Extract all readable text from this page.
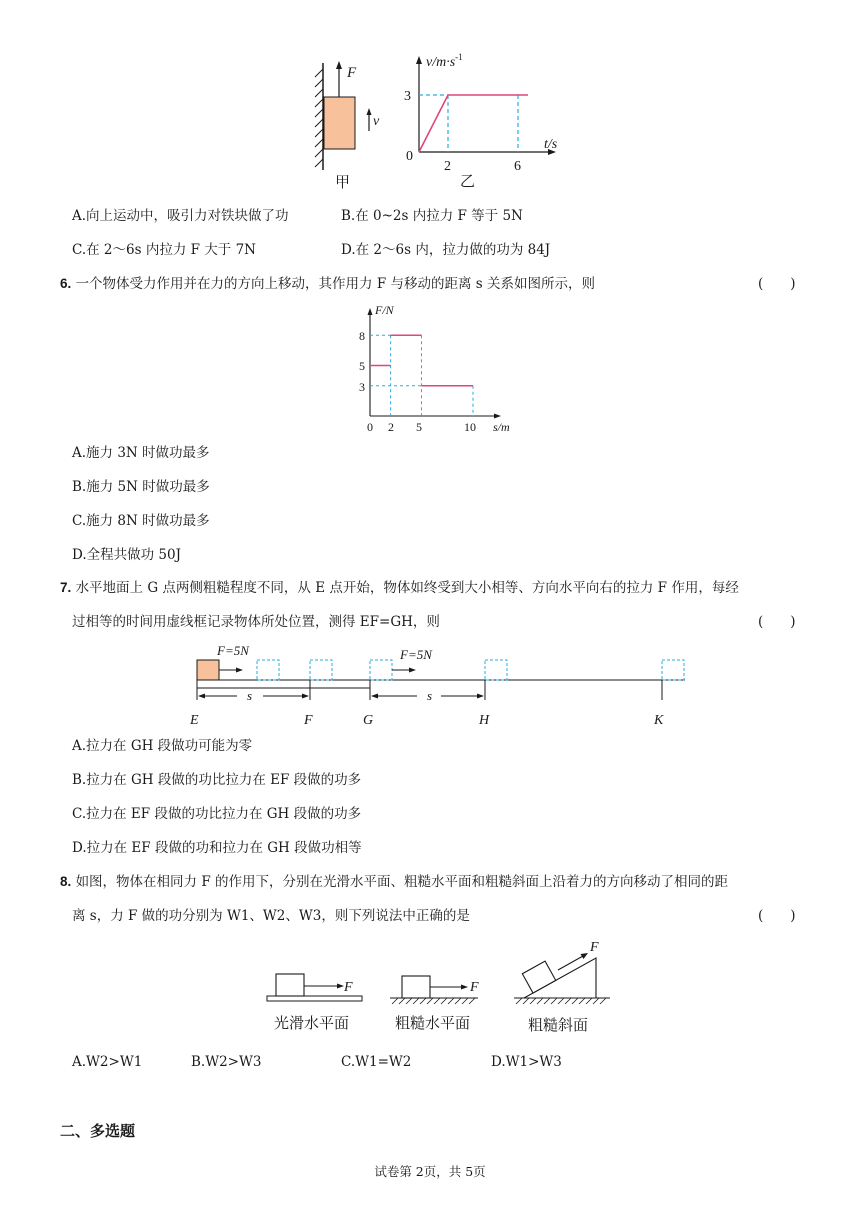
F
v
甲
$v/m\cdot s^{-1}$
3
0
2	6
t/s
乙
A.向上运动中，吸引力对铁块做了功	B.在 0~2s 内拉力 F 等于 5N
C.在 2～6s 内拉力 F 大于 7N	D.在 2～6s 内，拉力做的功为 84J
6. 一个物体受力作用并在力的方向上移动，其作用力 F 与移动的距离 s 关系如图所示，则	(　　)
F/N
8
5
3
0 2 5	10 s/m
A.施力 3N 时做功最多
B.施力 5N 时做功最多
C.施力 8N 时做功最多
D.全程共做功 50J
7. 水平地面上 G 点两侧粗糙程度不同，从 E 点开始，物体如终受到大小相等、方向水平向右的拉力 F 作用，每经
过相等的时间用虚线框记录物体所处位置，测得 EF=GH，则	(　　)
F=5N	F=5N
s	s
E	F	G	H	K
A.拉力在 GH 段做功可能为零
B.拉力在 GH 段做的功比拉力在 EF 段做的功多
C.拉力在 EF 段做的功比拉力在 GH 段做的功多
D.拉力在 EF 段做的功和拉力在 GH 段做功相等
8. 如图，物体在相同力 F 的作用下，分别在光滑水平面、粗糙水平面和粗糙斜面上沿着力的方向移动了相同的距
离 s，力 F 做的功分别为 W1、W2、W3，则下列说法中正确的是	(　　)
F
光滑水平面
F
粗糙水平面
F
粗糙斜面
A.W2>W1	B.W2>W3	C.W1=W2	D.W1>W3
二、多选题
试卷第 2页，共 5页
